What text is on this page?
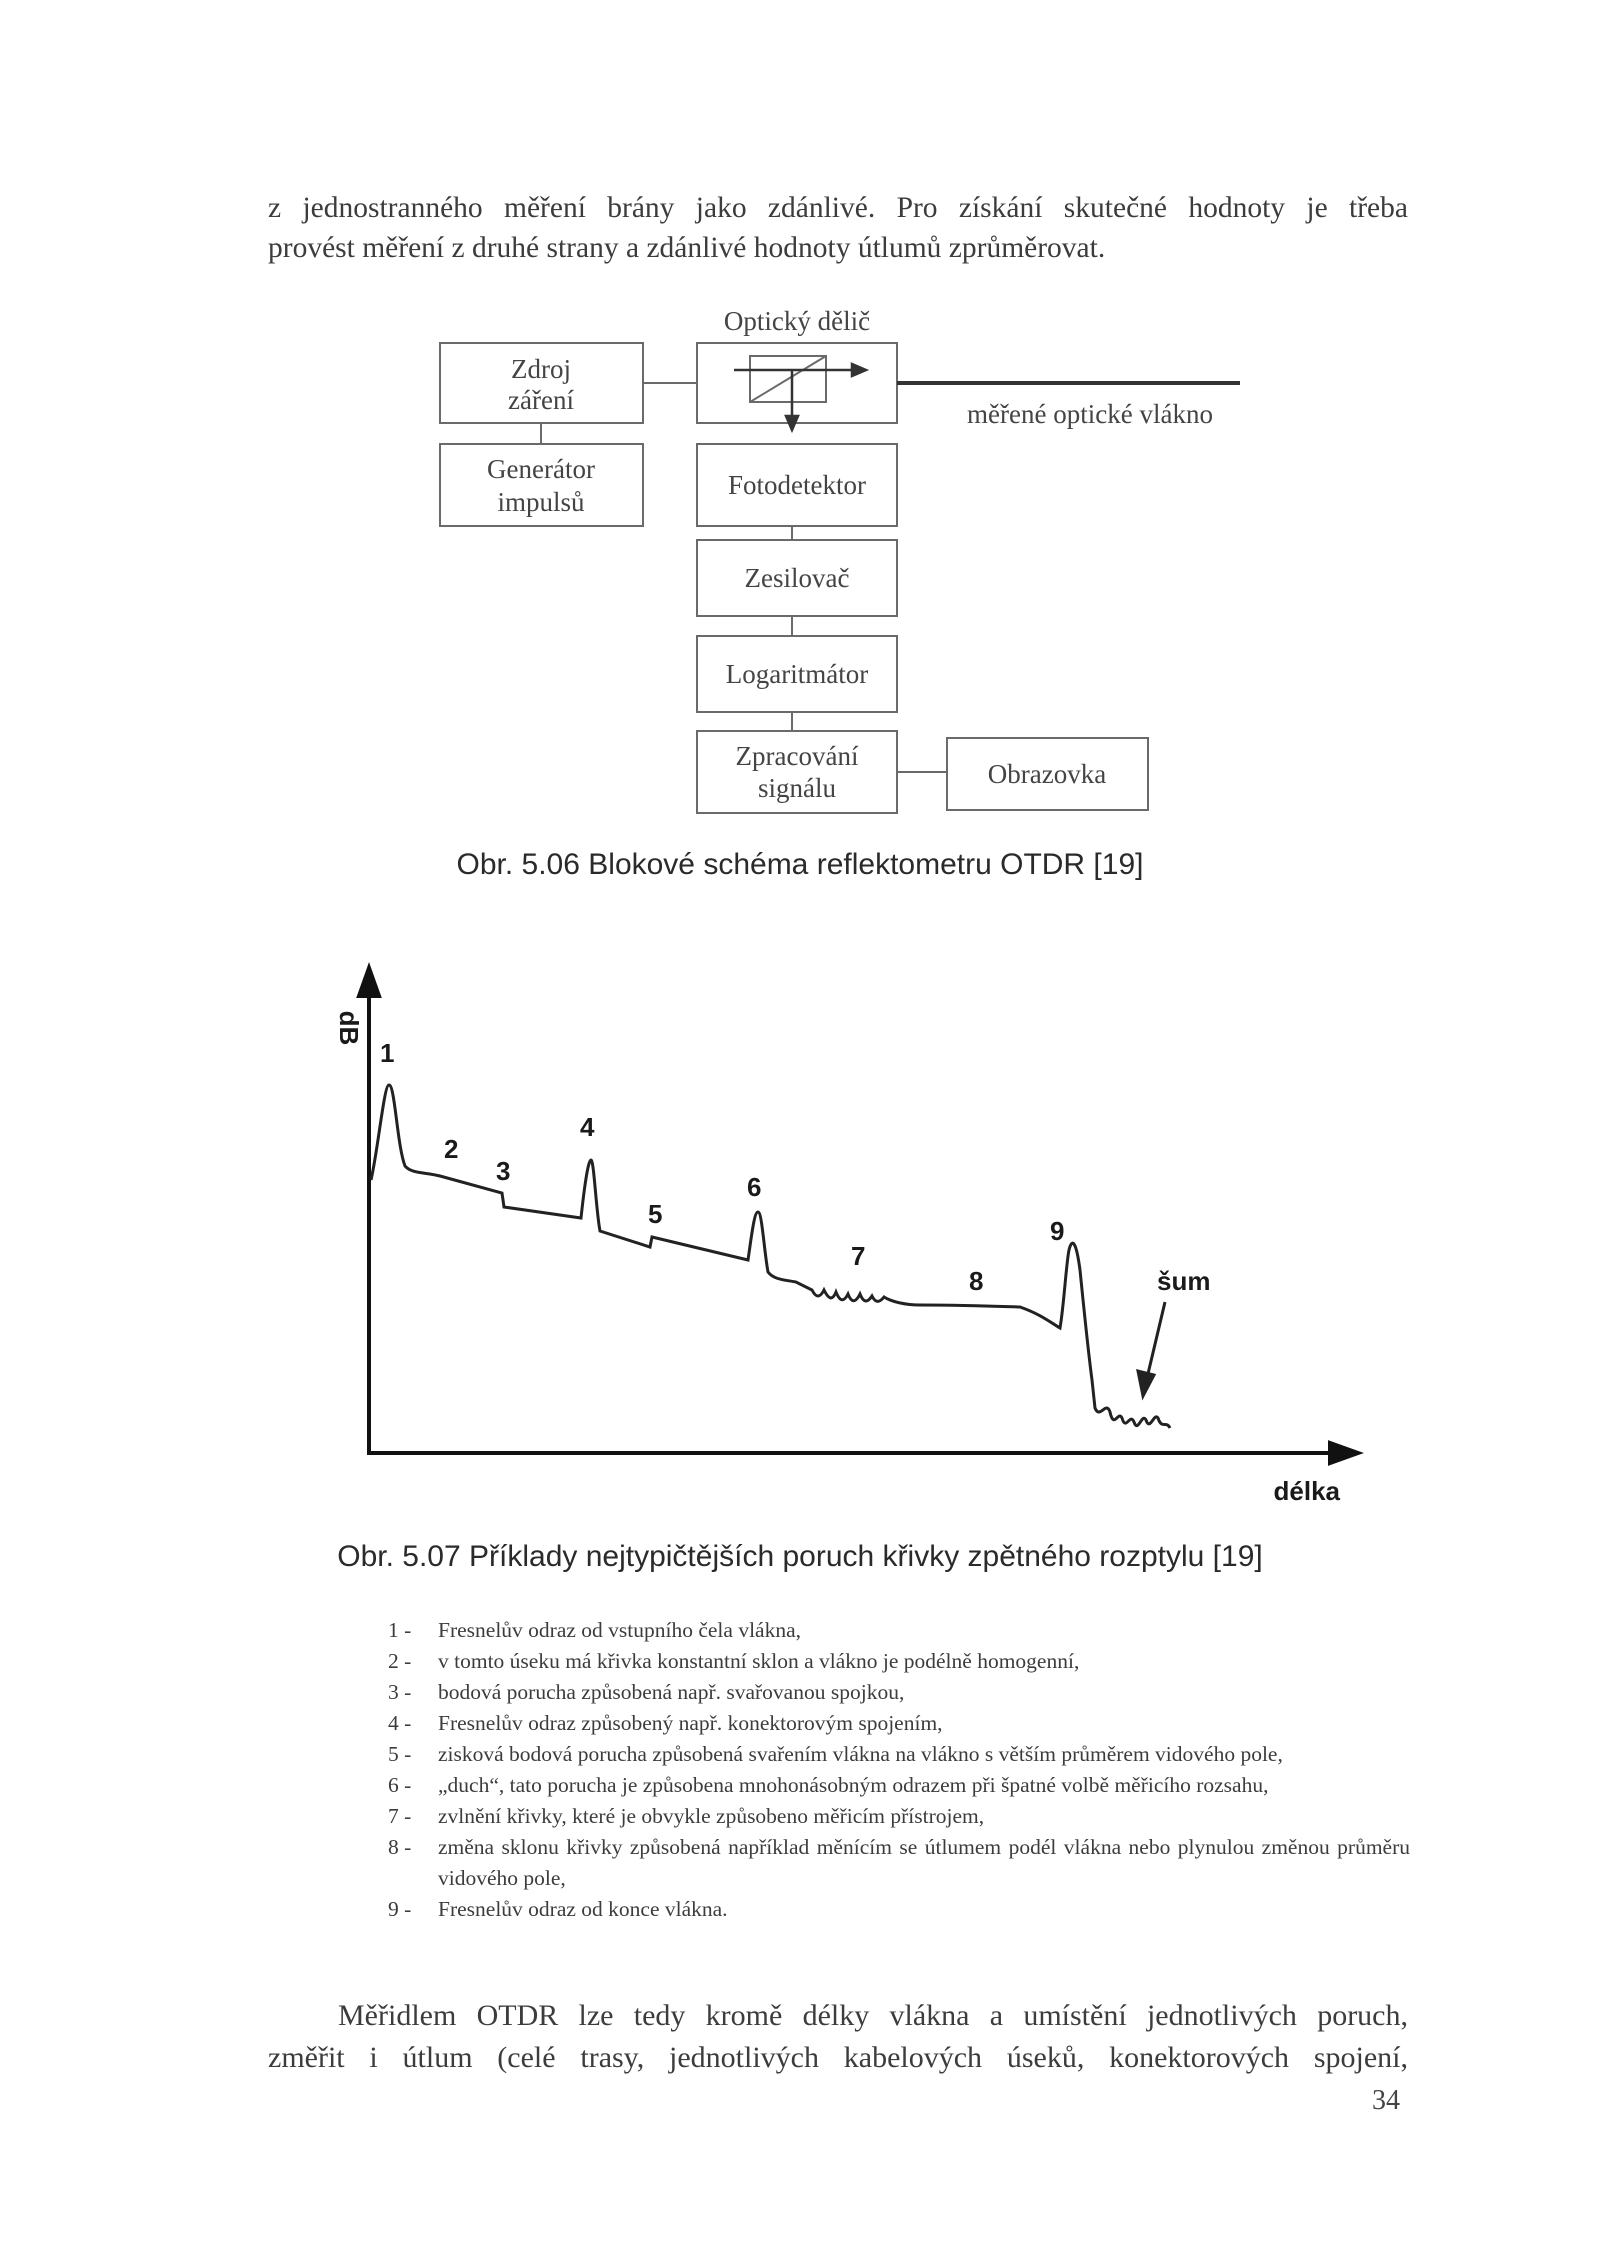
z jednostranného měření brány jako zdánlivé. Pro získání skutečné hodnoty je třeba

provést měření z druhé strany a zdánlivé hodnoty útlumů zprůměrovat.
Optický dělič
měřené optické vlákno
Zdroj
záření
Generátor
impulsů
Fotodetektor
Zesilovač
Logaritmátor
Zpracování
signálu	Obrazovka
Obr. 5.06 Blokové schéma reflektometru OTDR [19]
dB
délka
1
2
3
4
5
6
7
8
9
šum
Obr. 5.07 Příklady nejtypičtějších poruch křivky zpětného rozptylu [19]
1 -	Fresnelův odraz od vstupního čela vlákna,
2 -	v tomto úseku má křivka konstantní sklon a vlákno je podélně homogenní,
3 -	bodová porucha způsobená např. svařovanou spojkou,
4 -	Fresnelův odraz způsobený např. konektorovým spojením,
5 -	zisková bodová porucha způsobená svařením vlákna na vlákno s větším průměrem vidového pole,
6 -	„duch“, tato porucha je způsobena mnohonásobným odrazem při špatné volbě měřicího rozsahu,
7 -	zvlnění křivky, které je obvykle způsobeno měřicím přístrojem,
8 -	změna sklonu křivky způsobená například měnícím se útlumem podél vlákna nebo plynulou změnou průměru vidového pole,
9 -	Fresnelův odraz od konce vlákna.
Měřidlem OTDR lze tedy kromě délky vlákna a umístění jednotlivých poruch,
změřit i útlum (celé trasy, jednotlivých kabelových úseků, konektorových spojení,
34
